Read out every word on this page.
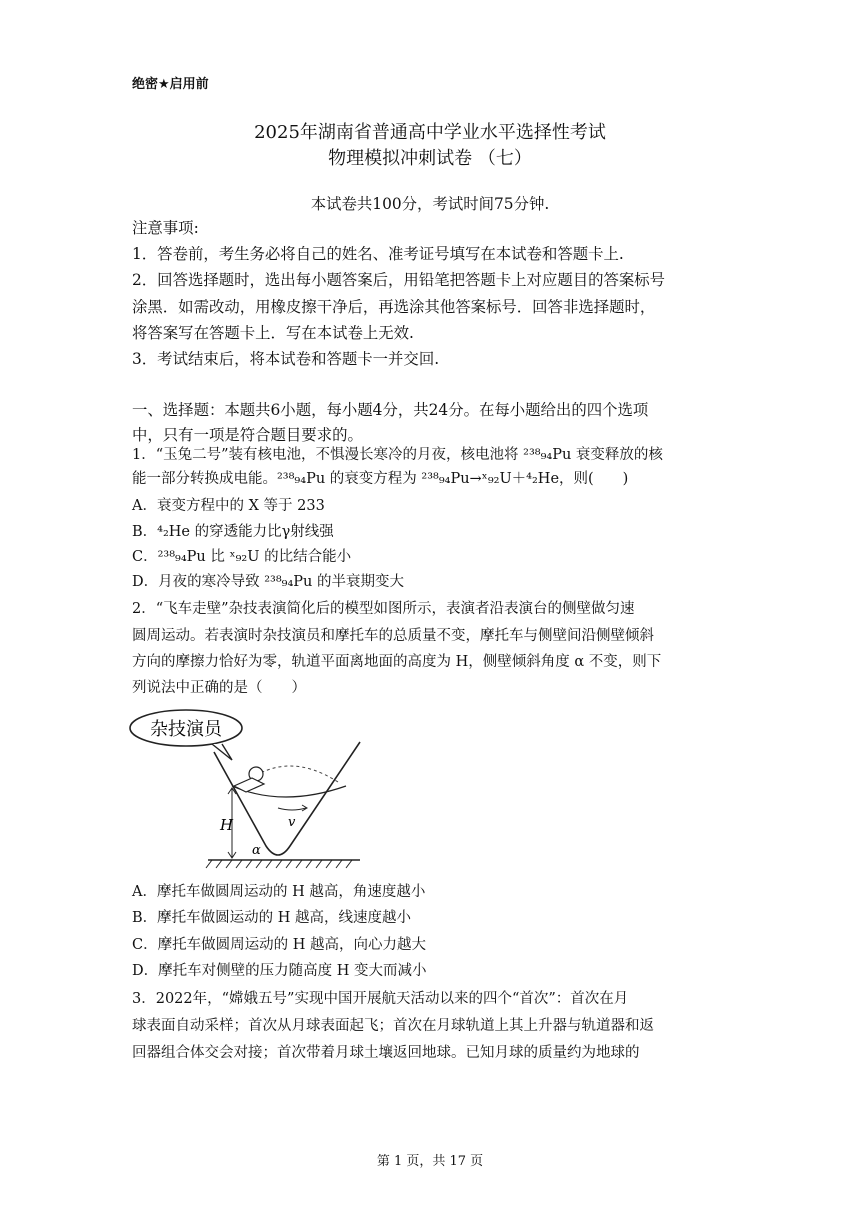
绝密★启用前
2025年湖南省普通高中学业水平选择性考试
物理模拟冲刺试卷 （七）
本试卷共100分，考试时间75分钟.
注意事项:
1．答卷前，考生务必将自己的姓名、准考证号填写在本试卷和答题卡上.
2．回答选择题时，选出每小题答案后，用铅笔把答题卡上对应题目的答案标号
涂黑．如需改动，用橡皮擦干净后，再选涂其他答案标号．回答非选择题时，
将答案写在答题卡上．写在本试卷上无效.
3．考试结束后，将本试卷和答题卡一并交回.
一、选择题：本题共6小题，每小题4分，共24分。在每小题给出的四个选项
中，只有一项是符合题目要求的。
1．“玉兔二号”装有核电池，不惧漫长寒冷的月夜，核电池将 ²³⁸₉₄Pu 衰变释放的核
能一部分转换成电能。²³⁸₉₄Pu 的衰变方程为 ²³⁸₉₄Pu→ˣ₉₂U＋⁴₂He，则(　　)
A．衰变方程中的 X 等于 233
B．⁴₂He 的穿透能力比γ射线强
C．²³⁸₉₄Pu 比 ˣ₉₂U 的比结合能小
D．月夜的寒冷导致 ²³⁸₉₄Pu 的半衰期变大
2．“飞车走壁”杂技表演简化后的模型如图所示，表演者沿表演台的侧壁做匀速
圆周运动。若表演时杂技演员和摩托车的总质量不变，摩托车与侧壁间沿侧壁倾斜
方向的摩擦力恰好为零，轨道平面离地面的高度为 H，侧壁倾斜角度 α 不变，则下
列说法中正确的是（　　）
杂技演员
v
H
α
A．摩托车做圆周运动的 H 越高，角速度越小
B．摩托车做圆运动的 H 越高，线速度越小
C．摩托车做圆周运动的 H 越高，向心力越大
D．摩托车对侧壁的压力随高度 H 变大而减小
3．2022年，“嫦娥五号”实现中国开展航天活动以来的四个“首次”：首次在月
球表面自动采样；首次从月球表面起飞；首次在月球轨道上其上升器与轨道器和返
回器组合体交会对接；首次带着月球土壤返回地球。已知月球的质量约为地球的
第 1 页，共 17 页
